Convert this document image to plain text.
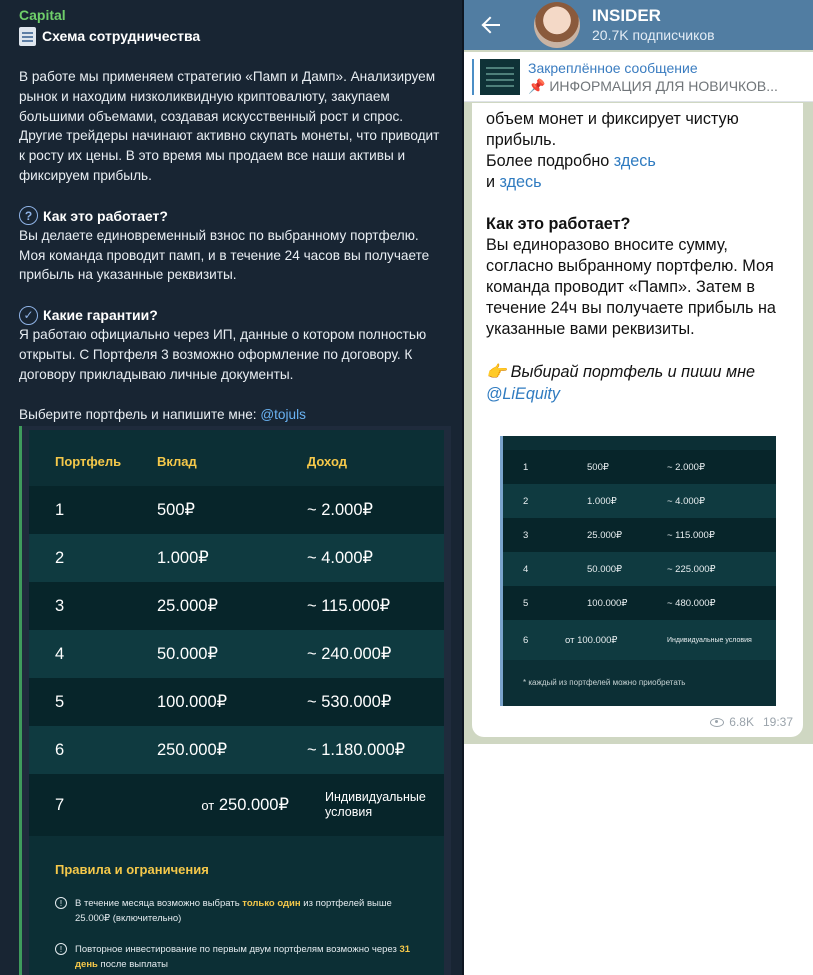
Capital
Схема сотрудничества
В работе мы применяем стратегию «Памп и Дамп». Анализируем рынок и находим низколиквидную криптовалюту, закупаем большими объемами, создавая искусственный рост и спрос. Другие трейдеры начинают активно скупать монеты, что приводит к росту их цены. В это время мы продаем все наши активы и фиксируем прибыль.
? Как это работает?
Вы делаете единовременный взнос по выбранному портфелю. Моя команда проводит памп, и в течение 24 часов вы получаете прибыль на указанные реквизиты.
✓ Какие гарантии?
Я работаю официально через ИП, данные о котором полностью открыты. С Портфеля 3 возможно оформление по договору. К договору прикладываю личные документы.
Выберите портфель и напишите мне: @tojuls
Портфель	Вклад	Доход
1	500₽	~ 2.000₽
2	1.000₽	~ 4.000₽
3	25.000₽	~ 115.000₽
4	50.000₽	~ 240.000₽
5	100.000₽	~ 530.000₽
6	250.000₽	~ 1.180.000₽
7	от 250.000₽	Индивидуальные условия
Правила и ограничения
!	В течение месяца возможно выбрать только один из портфелей выше 25.000₽ (включительно)
!	Повторное инвестирование по первым двум портфелям возможно через 31 день после выплаты
INSIDER
20.7K подписчиков
Закреплённое сообщение
📌 ИНФОРМАЦИЯ ДЛЯ НОВИЧКОВ...
объем монет и фиксирует чистую прибыль.
Более подробно здесь
и здесь
Как это работает?
Вы единоразово вносите сумму, согласно выбранному портфелю. Моя команда проводит «Памп». Затем в течение 24ч вы получаете прибыль на указанные вами реквизиты.
👉 Выбирай портфель и пиши мне
@LiEquity
1	500₽	~ 2.000₽
2	1.000₽	~ 4.000₽
3	25.000₽	~ 115.000₽
4	50.000₽	~ 225.000₽
5	100.000₽	~ 480.000₽
6	от 100.000₽	Индивидуальные условия
* каждый из портфелей можно приобретать
6.8K 19:37
